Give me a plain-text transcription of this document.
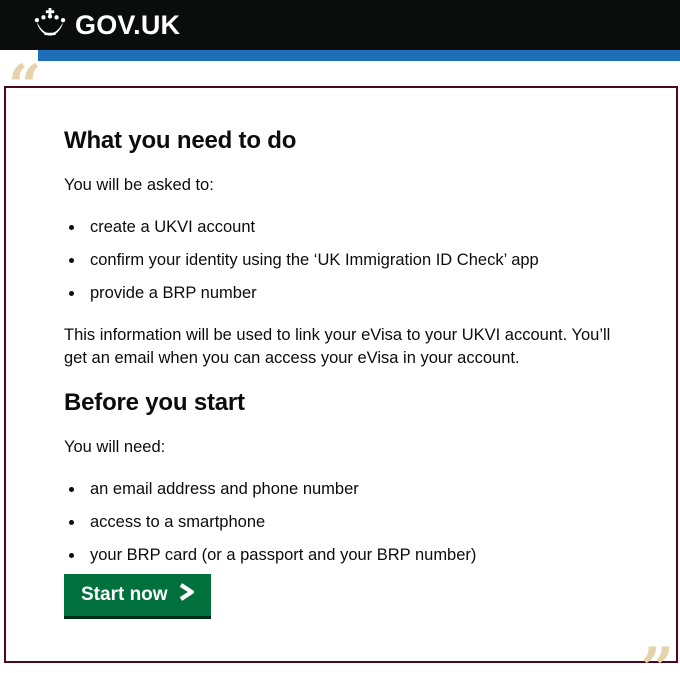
GOV.UK
“
”
What you need to do

You will be asked to:

• create a UKVI account
• confirm your identity using the ‘UK Immigration ID Check’ app
• provide a BRP number

This information will be used to link your eVisa to your UKVI account. You’ll get an email when you can access your eVisa in your account.

Before you start

You will need:

• an email address and phone number
• access to a smartphone
• your BRP card (or a passport and your BRP number)
Start now
